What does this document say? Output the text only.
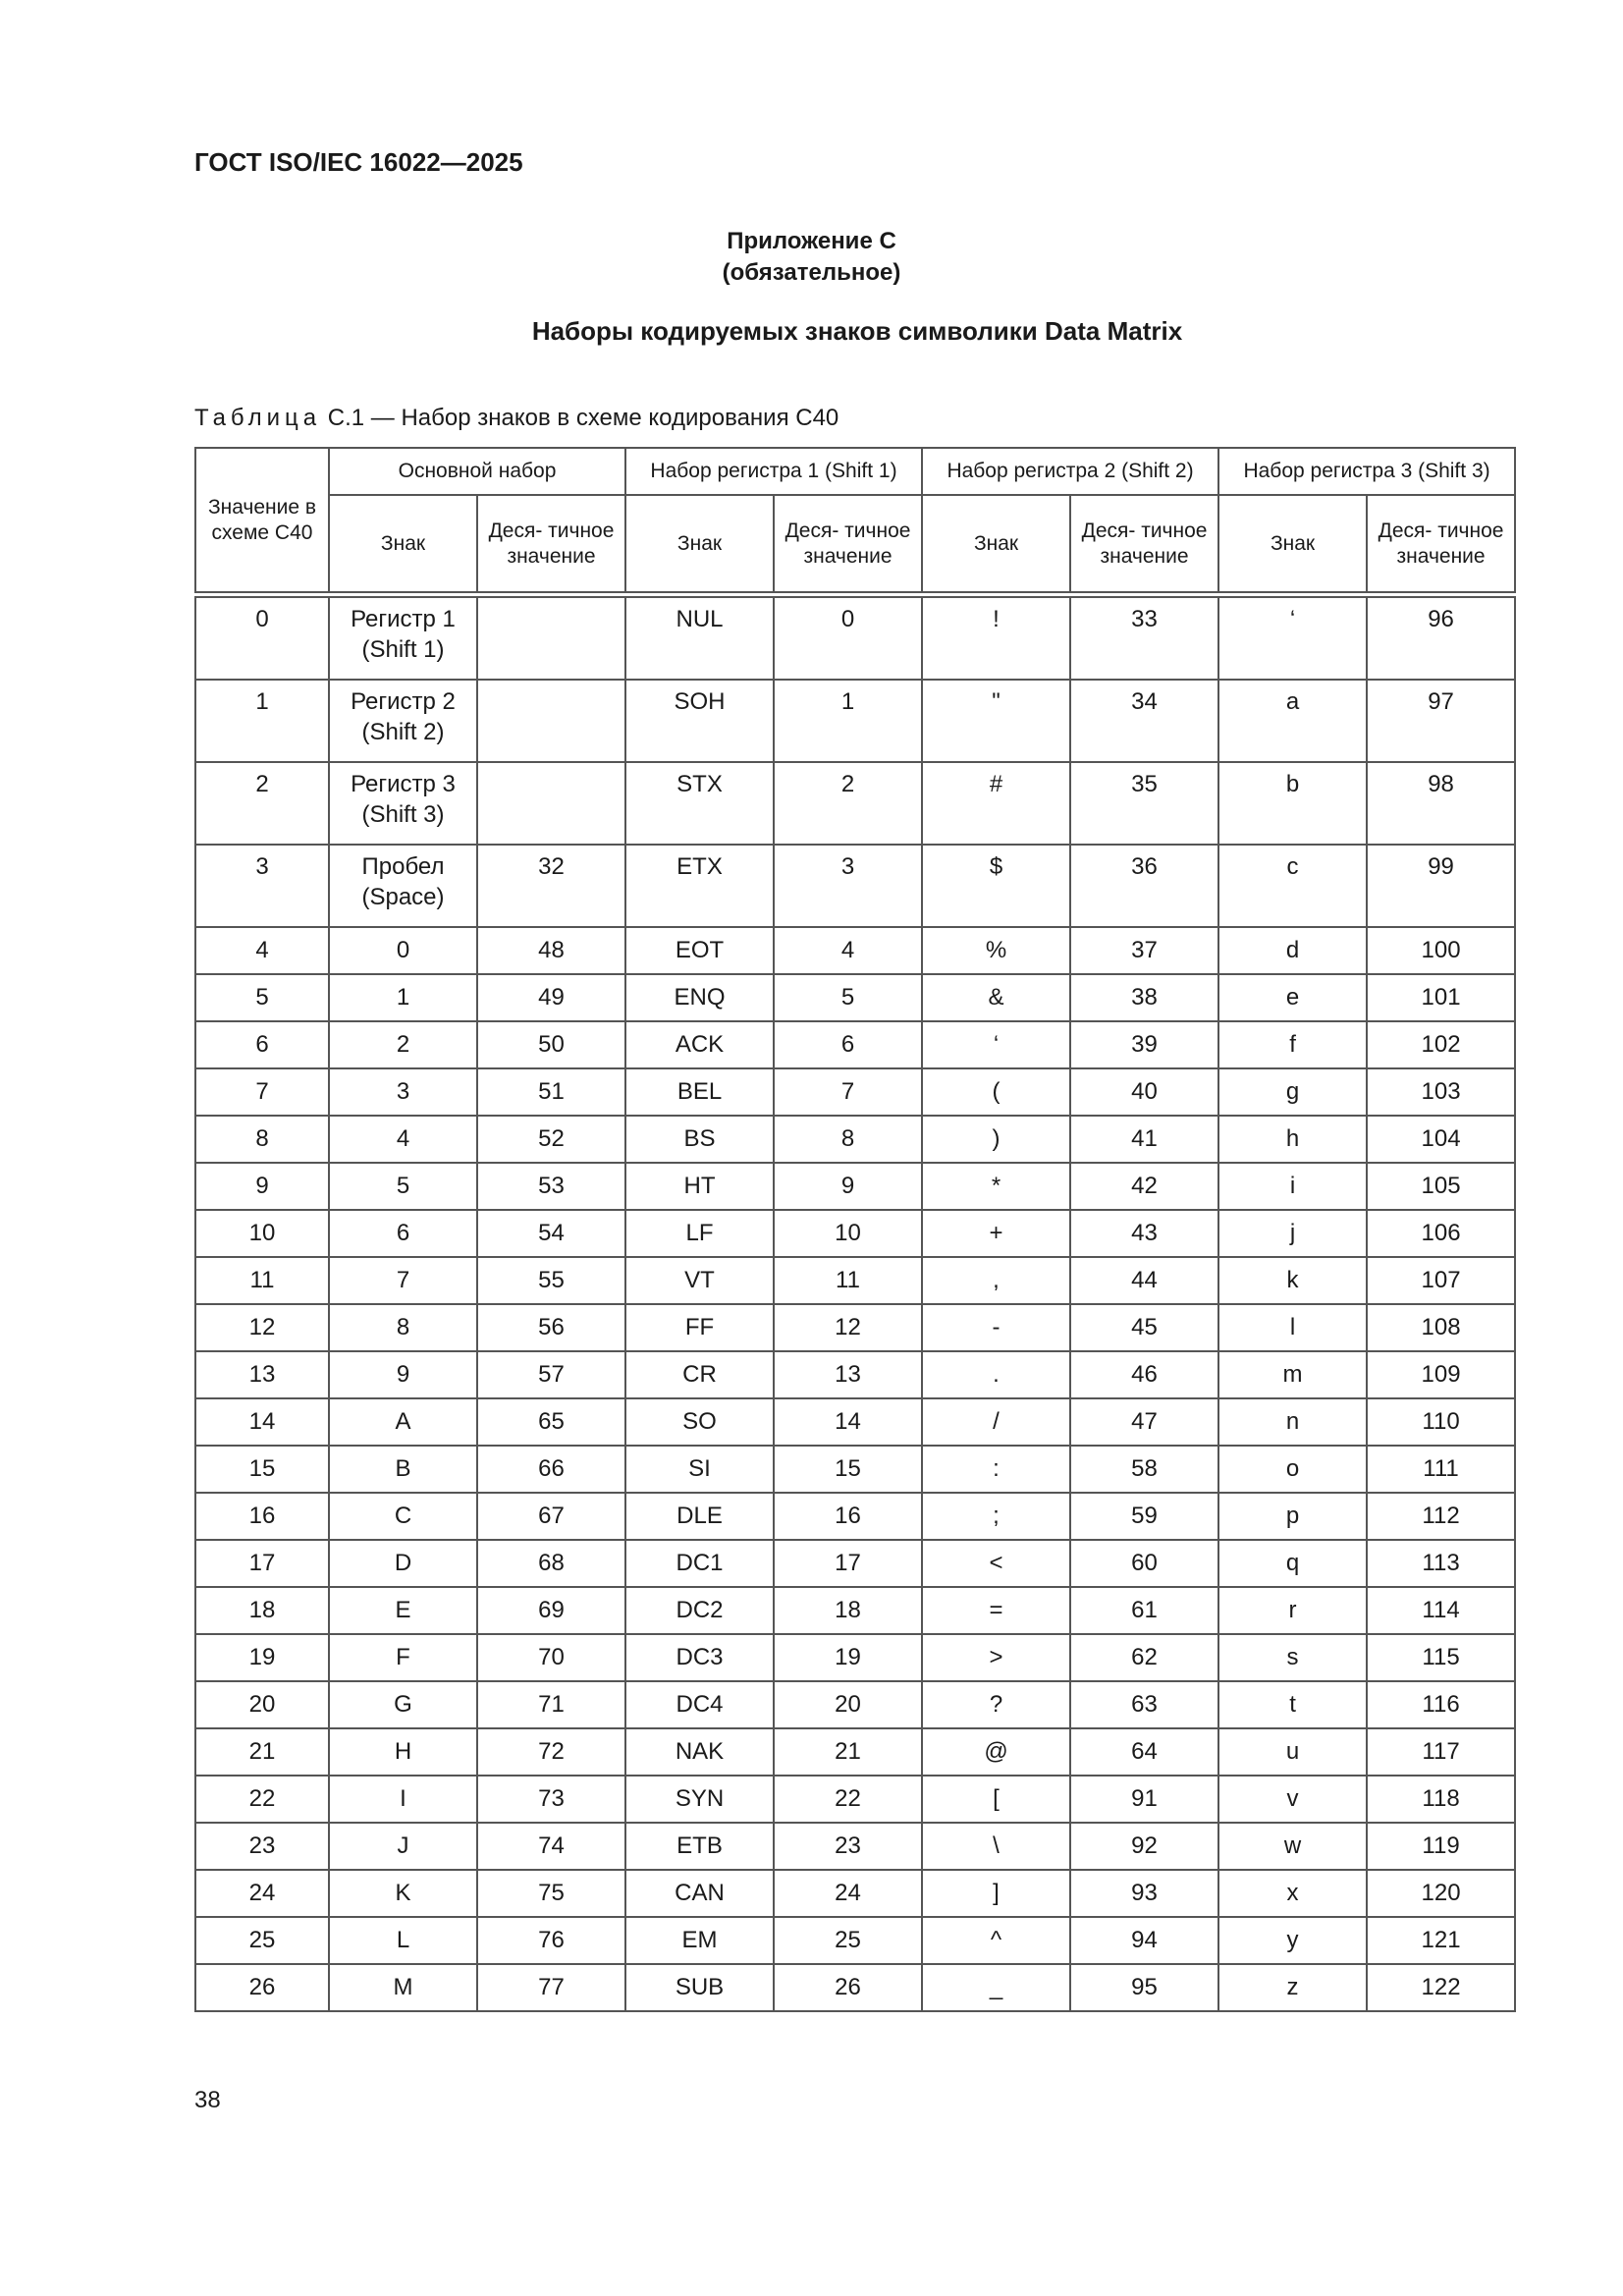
ГОСТ ISO/IEC 16022—2025
Приложение С
(обязательное)
Наборы кодируемых знаков символики Data Matrix
Таблица С.1 — Набор знаков в схеме кодирования С40
Значение в схеме С40	Основной набор		Набор регистра 1 (Shift 1)		Набор регистра 2 (Shift 2)		Набор регистра 3 (Shift 3)	
	Знак	Деся- тичное значение	Знак	Деся- тичное значение	Знак	Деся- тичное значение	Знак	Деся- тичное значение

0	Регистр 1 (Shift 1)		NUL	0	!	33	‘	96
1	Регистр 2 (Shift 2)		SOH	1	"	34	a	97
2	Регистр 3 (Shift 3)		STX	2	#	35	b	98
3	Пробел (Space)	32	ETX	3	$	36	c	99
4	0	48	EOT	4	%	37	d	100
5	1	49	ENQ	5	&	38	e	101
6	2	50	ACK	6	‘	39	f	102
7	3	51	BEL	7	(	40	g	103
8	4	52	BS	8	)	41	h	104
9	5	53	HT	9	*	42	i	105
10	6	54	LF	10	+	43	j	106
11	7	55	VT	11	,	44	k	107
12	8	56	FF	12	-	45	l	108
13	9	57	CR	13	.	46	m	109
14	A	65	SO	14	/	47	n	110
15	B	66	SI	15	:	58	o	111
16	C	67	DLE	16	;	59	p	112
17	D	68	DC1	17	<	60	q	113
18	E	69	DC2	18	=	61	r	114
19	F	70	DC3	19	>	62	s	115
20	G	71	DC4	20	?	63	t	116
21	H	72	NAK	21	@	64	u	117
22	I	73	SYN	22	[	91	v	118
23	J	74	ETB	23	\	92	w	119
24	K	75	CAN	24	]	93	x	120
25	L	76	EM	25	^	94	y	121
26	M	77	SUB	26	_	95	z	122
38
